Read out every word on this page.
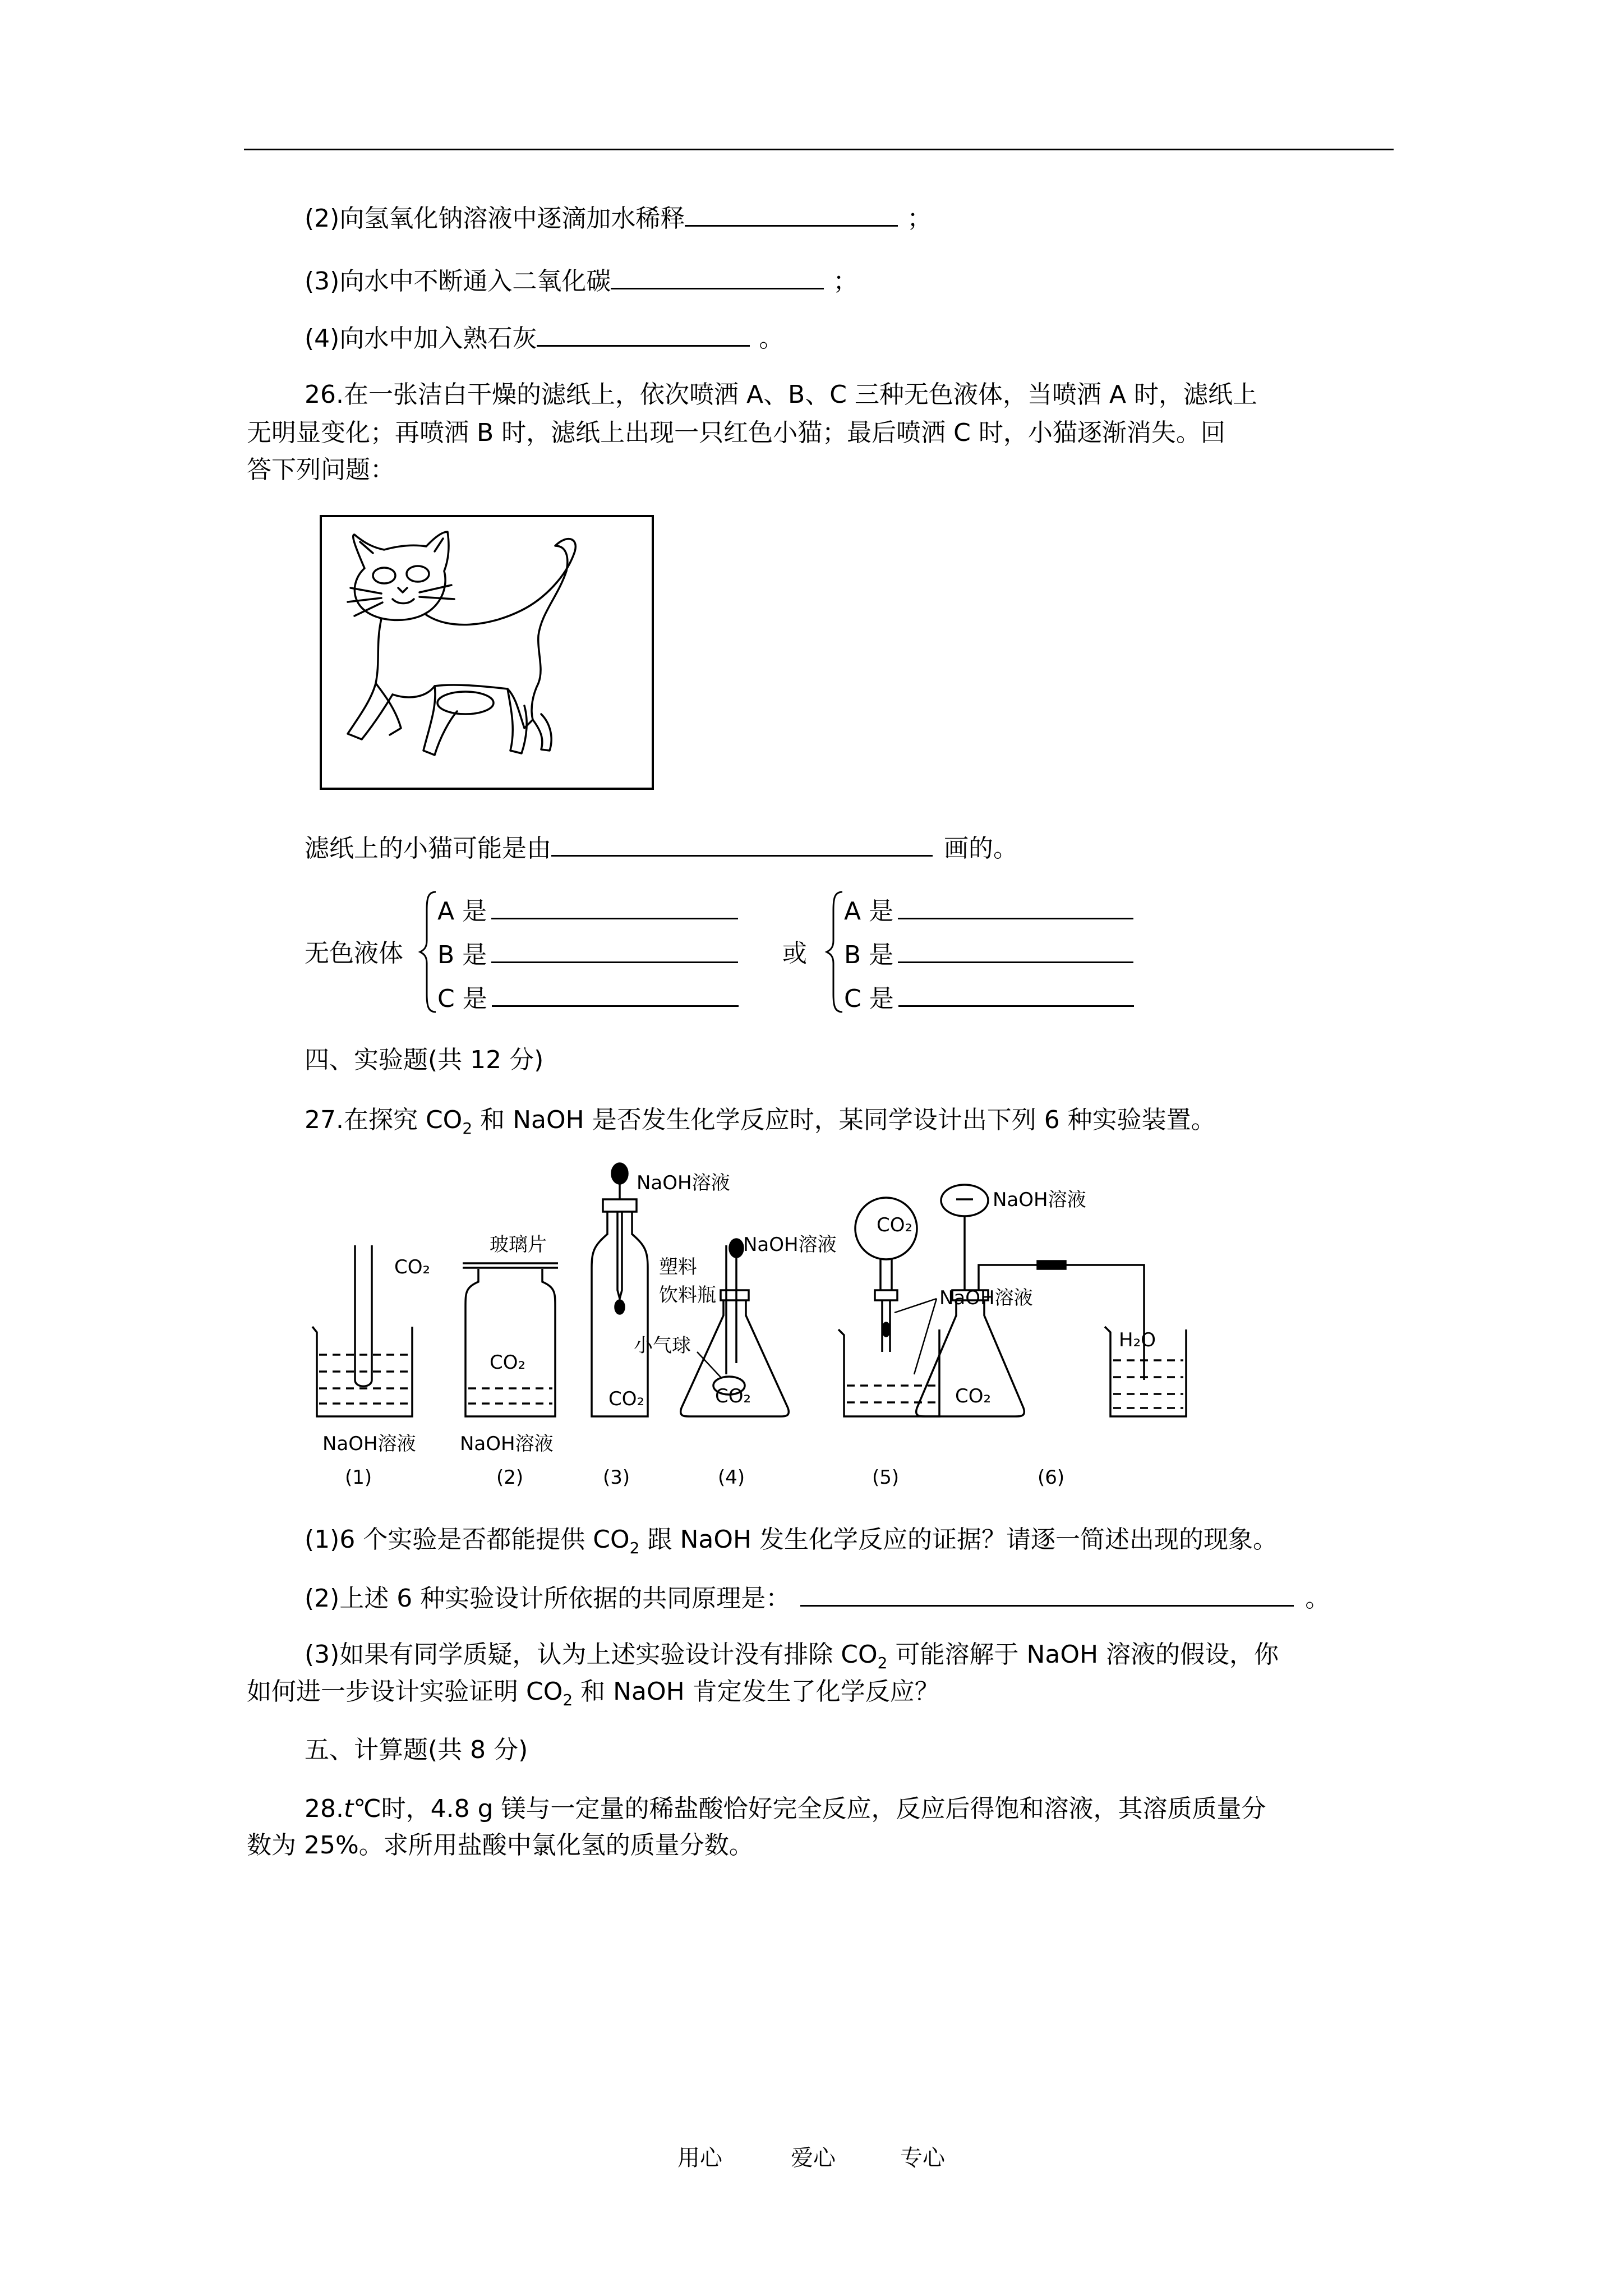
(2)向氢氧化钠溶液中逐滴加水稀释	；
(3)向水中不断通入二氧化碳	；
(4)向水中加入熟石灰	。
26.在一张洁白干燥的滤纸上，依次喷洒 A、B、C 三种无色液体，当喷洒 A 时，滤纸上
无明显变化；再喷洒 B 时，滤纸上出现一只红色小猫；最后喷洒 C 时，小猫逐渐消失。回
答下列问题：
滤纸上的小猫可能是由	画的。
无色液体
A 是
B 是
C 是
或
A 是
B 是
C 是
四、实验题(共 12 分)
27.在探究 $CO_2$ 和 NaOH 是否发生化学反应时，某同学设计出下列 6 种实验装置。
CO₂
玻璃片
CO₂
CO₂
NaOH溶液
塑料
饮料瓶
小气球
CO₂
NaOH溶液
CO₂
NaOH溶液
NaOH溶液
CO₂
H₂O
NaOH溶液 NaOH溶液
(1)	(2)	(3)	(4)	(5)	(6)
(1)6 个实验是否都能提供 $CO_2$ 跟 NaOH 发生化学反应的证据？请逐一简述出现的现象。
(2)上述 6 种实验设计所依据的共同原理是：	。
(3)如果有同学质疑，认为上述实验设计没有排除 $CO_2$ 可能溶解于 NaOH 溶液的假设，你
如何进一步设计实验证明 $CO_2$ 和 NaOH 肯定发生了化学反应？
五、计算题(共 8 分)
28.t℃时，4.8 g 镁与一定量的稀盐酸恰好完全反应，反应后得饱和溶液，其溶质质量分
数为 25%。求所用盐酸中氯化氢的质量分数。
用心	爱心	专心
